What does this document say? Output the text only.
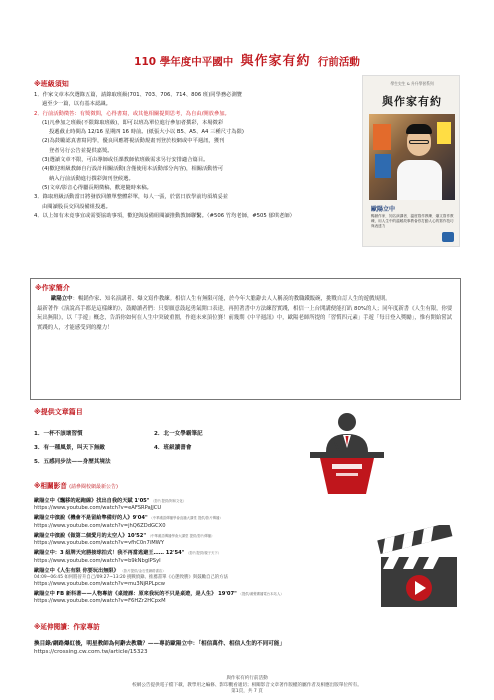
110 學年度中平國中 與作家有約 行前活動
※班級須知
1．作家文章本次選錄五篇，請錄取班級(701、703、706、714、806 班)同學務必測覽
過至少一篇，以有基本認識。
2．行前活動徵答：有獎徵問，心得書寫，或其他相關提問思考，為自由/開放參加。
(1)凡參加之班級(不限錄取班級)，即可以班為單位進行參加者撰彩，本場徵彩
投遞截止時間為 12/16 星期四 16 時前。(紙張大小以 B5、A5、A4 三種尺寸為限)
(2)為鼓勵認真書寫同學，優良回應將視活動規畫刊登於校網或中平週訊，獲刊
登者另行公告並提供嘉獎。
(3)選讀文章不限，可由導師或任課教師依班級需求另行安排適合篇目。
(4)歡迎班級教師自行設計相關活動(含僅使用本活動部分內容)，相關活動皆可
納入行前活動進行撰彩與刊登候選。
(5)文章/影音心得屬長期徵稿，歡迎隨時來稿。
3．錄取班級活動當日將發放回饋單整體彩單，每人一張，於當日放學前均須填妥並
由閱讀股長交回設備組投遞。
4．以上如有未竟事宜或需要協助事項，歡迎與設備組閱讀推動教師聯繫。（#506 竹均老師，#505 郁琪老師）
學生尖生 & 升升學習系列
與作家有約
歐陽立中
暢銷作家．知名演講者．溫度寫作教練．爆文寫作教練，用人生中的溫暖故事教會你打動人心的寫作技巧與表達力
※作家簡介
歐陽立中：暢銷作家、知名演講者、爆文寫作教練。相信人生有無限可能，於今年大膽辭去人人稱羨的教職鐵飯碗，挑戰自訂人生的遊戲規則。
最新著作《演說高手都是這樣練的》，鼓勵讀者們：只要願意鼓起勇氣開口表達，再照著書中方法練習實踐，相信一上台開講便能打趴 80%的人；同年度新書《人生有限，你要玩出無限》，以「手遊」概念，告訴你如何在人生中突破重圍，作進未來頂位賽！前幾期《中平週訊》中，歐陽老師所提的「習慣四元素」手遊「每日登入獎勵」，惟有開始嘗試實踐的人，才能感受到的魔力！
※提供文章篇目
1．一杯不該壞習慣	2．北一女學霸筆記
3．有一種風景，叫天下無敵	4．班級讀書會
5．五感同步法——身歷其境法
※相關影音 (請參閱校網最新公告)
歐陽立中《飄移的起跑線》找出自我的天賦 1'05" （影片提供/阿和文化）
https://www.youtube.com/watch?v=eAFSRPaJJCU
歐陽立中演說《機會不是留給準備好的人》9'04" （中華漢語傳播學會直播大講堂 提供/影片傳播）
https://www.youtube.com/watch?v=jhQ6ZDdGCX0
歐陽立中演說《做第二個愛月的太空人》10'52" （中華漢語傳播學會大講堂 提供/影片傳播）
https://www.youtube.com/watch?v=vfhC0n7iMWY
歐陽立中：3 組牌天完勝接球拍式！我不再當逃避王…… 12'54" （影片提供/親子天下）
https://www.youtube.com/watch?v=b9kNbgIPSyI
歐陽立中《人生有限 你要玩出無限》 （影片提供/金石堂網路書店）
04:09~06:45 如何將晉升自己/09:27~13:20 挑戰偵錄、推薦書單《心態致勝》與鼓勵自己的方法
https://www.youtube.com/watch?v=mu3NjRPLpcw
歐陽立中 FB 新科著——人物專訪《桌遊課：原來我玩的不只是桌遊，是人生》 19'07" （提供/漢聲廣播電台本站人）
https://www.youtube.com/watch?v=F6HZr2HCpxM
※延伸閱讀：作家專訪
換目錄/網路爆紅後，明星教師為何辭去教職？——專訪歐陽立中：「相信萬件、相信人生的不同可能」
https://crossing.cw.com.tw/article/15323
與作家有約行前活動
校網公告提供電子檔下載，教學用之編修、影印觀看適切；相關影音文章著作版權的屬作者及相應出版單位所有。
第1頁，共 7 頁
